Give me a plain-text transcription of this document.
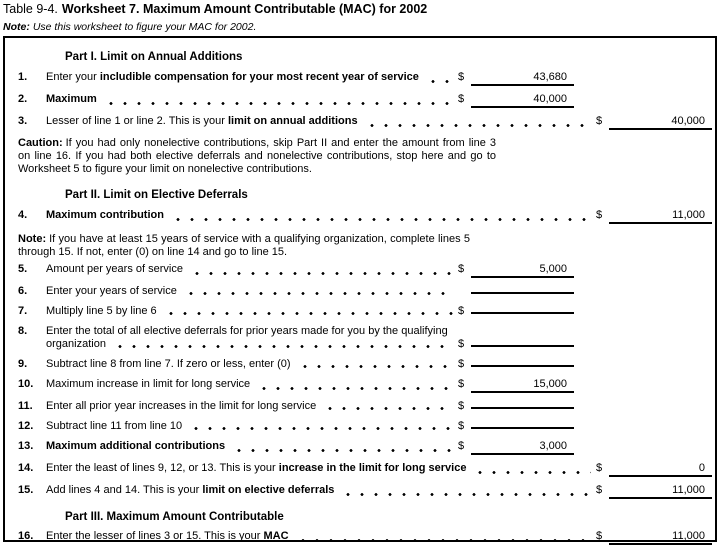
Table 9-4. Worksheet 7. Maximum Amount Contributable (MAC) for 2002
Note: Use this worksheet to figure your MAC for 2002.
Part I. Limit on Annual Additions
1.	Enter your includible compensation for your most recent year of service	$	43,680
2.	Maximum	$	40,000
3.	Lesser of line 1 or line 2. This is your limit on annual additions	$	40,000
Caution: If you had only nonelective contributions, skip Part II and enter the amount from line 3 on line 16. If you had both elective deferrals and nonelective contributions, stop here and go to Worksheet 5 to figure your limit on nonelective contributions.
Part II. Limit on Elective Deferrals
4.	Maximum contribution	$	11,000
Note: If you have at least 15 years of service with a qualifying organization, complete lines 5 through 15. If not, enter (0) on line 14 and go to line 15.
5.	Amount per years of service	$	5,000
6.	Enter your years of service
7.	Multiply line 5 by line 6	$
8.	Enter the total of all elective deferrals for prior years made for you by the qualifying
organization	$
9.	Subtract line 8 from line 7. If zero or less, enter (0)	$
10.	Maximum increase in limit for long service	$	15,000
11.	Enter all prior year increases in the limit for long service	$
12.	Subtract line 11 from line 10	$
13.	Maximum additional contributions	$	3,000
14.	Enter the least of lines 9, 12, or 13. This is your increase in the limit for long service	$	0
15.	Add lines 4 and 14. This is your limit on elective deferrals	$	11,000
Part III. Maximum Amount Contributable
16.	Enter the lesser of lines 3 or 15. This is your MAC	$	11,000
